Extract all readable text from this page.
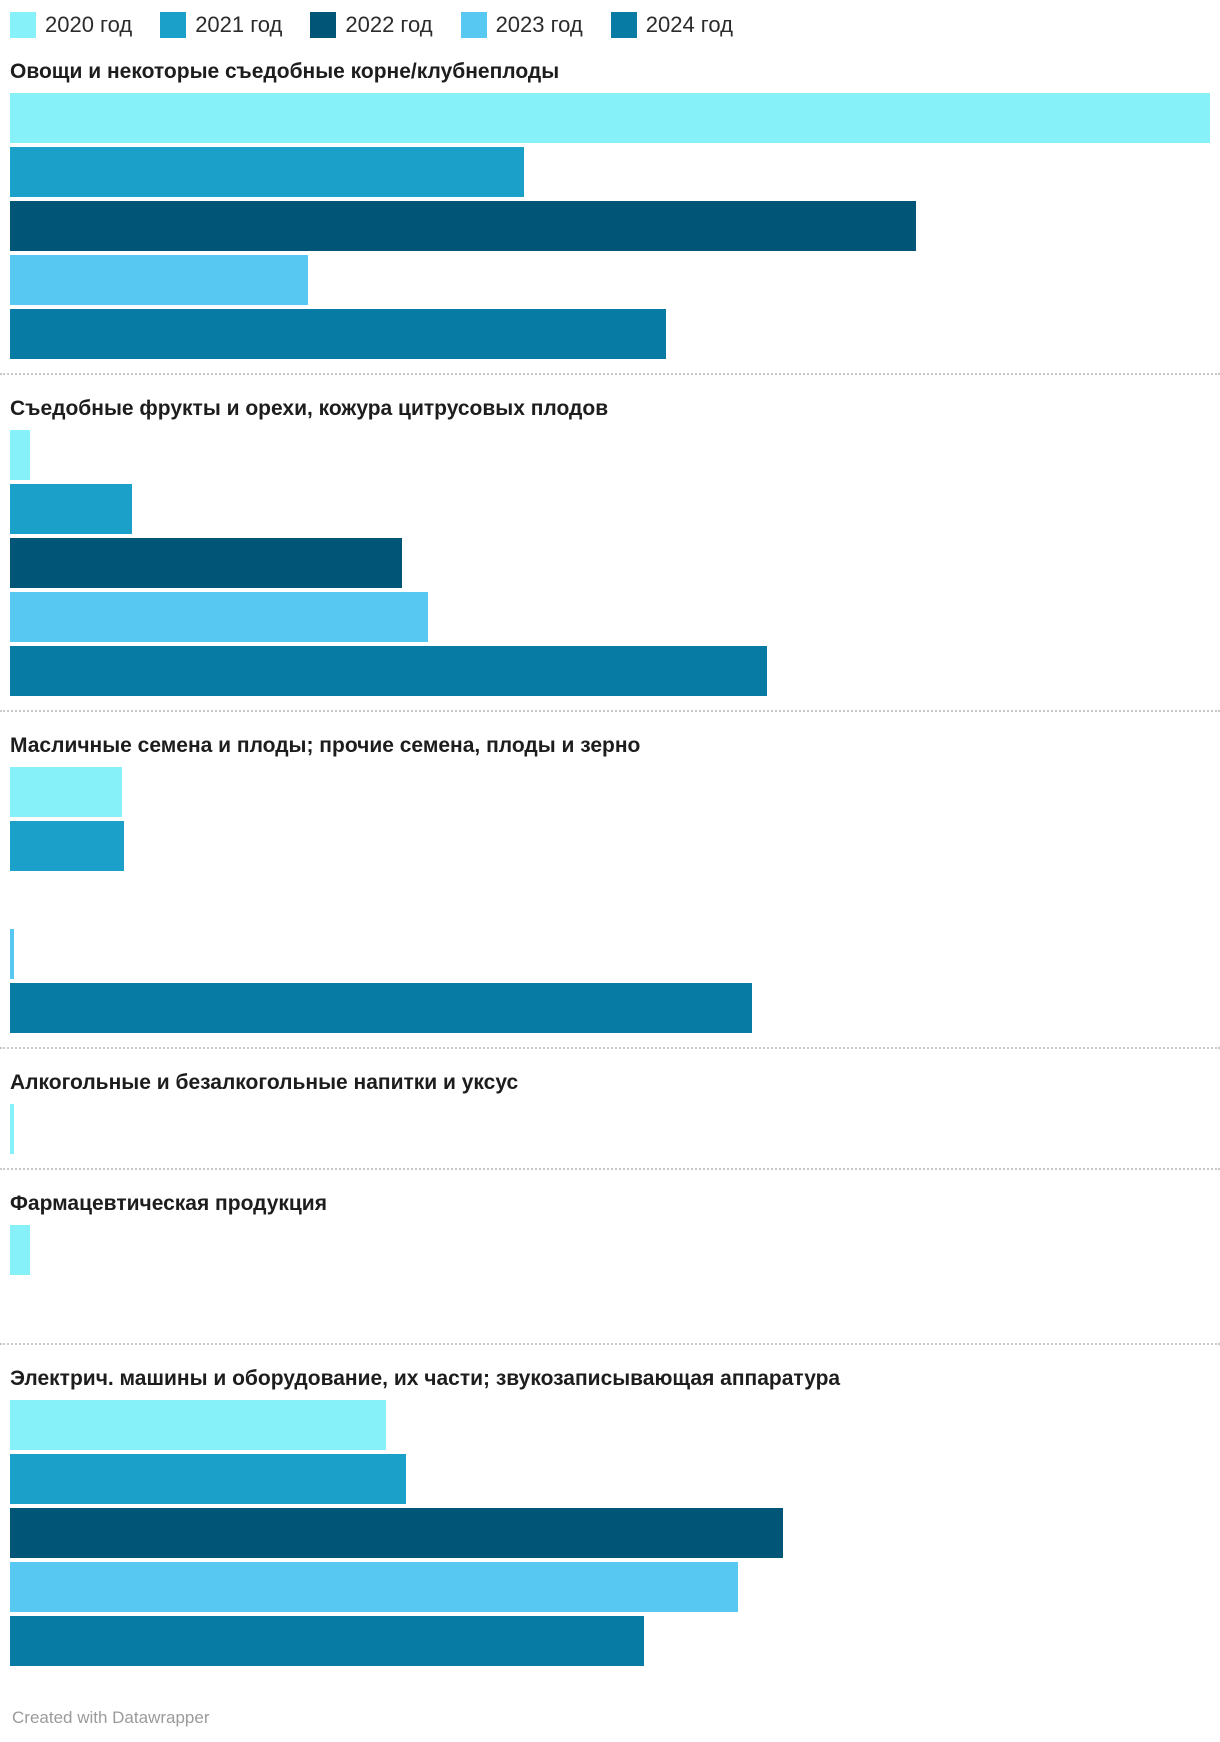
2020 год	2021 год	2022 год	2023 год	2024 год
Овощи и некоторые съедобные корне/клубнеплоды
Съедобные фрукты и орехи, кожура цитрусовых плодов
Масличные семена и плоды; прочие семена, плоды и зерно
Алкогольные и безалкогольные напитки и уксус
Фармацевтическая продукция
Электрич. машины и оборудование, их части; звукозаписывающая аппаратура
Created with Datawrapper
